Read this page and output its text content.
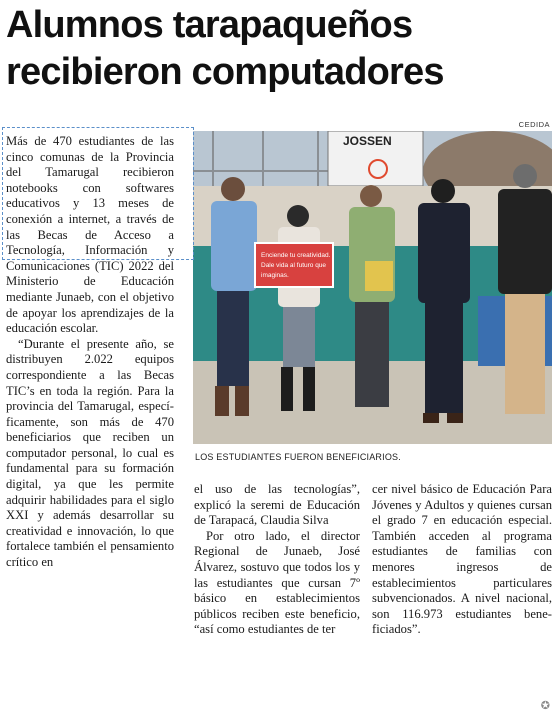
Alumnos tarapaqueños
recibieron computadores
CEDIDA
JOSSEN
Enciende tu creatividad.
Dale vida al futuro que
imaginas.
LOS ESTUDIANTES FUERON BENEFICIARIOS.

Más de 470 estudiantes de las cinco comunas de la Provincia del Tamarugal recibieron notebooks con softwares educativos y 13 meses de conexión a internet, a través de las Becas de Acceso a Tecnología, Información y Comunicaciones (TIC) 2022 del Ministerio de Educación mediante Junaeb, con el objetivo de apoyar los aprendizajes de la educación escolar.

“Durante el presente año, se distribuyen 2.022 equipos correspondiente a las Becas TIC’s en toda la región. Para la provincia del Tamarugal, específicamente, son más de 470 beneficiarios que reciben un computador personal, lo cual es fundamental para su formación digital, ya que les permite adquirir habilidades para el siglo XXI y además desarrollar su creatividad e innovación, lo que fortalece también el pensamiento crítico en

el uso de las tecnologías”, explicó la seremi de Educación de Tarapacá, Claudia Silva

Por otro lado, el director Regional de Junaeb, José Álvarez, sostuvo que todos los y las estudiantes que cursan 7º básico en establecimientos públicos reciben este beneficio, “así como estudiantes de ter

cer nivel básico de Educación Para Jóvenes y Adultos y quienes cursan el grado 7 en educación especial. También acceden al programa estudiantes de familias con menores ingresos de establecimientos particulares subvencionados. A nivel nacional, son 116.973 estudiantes beneficiados”.

✪
